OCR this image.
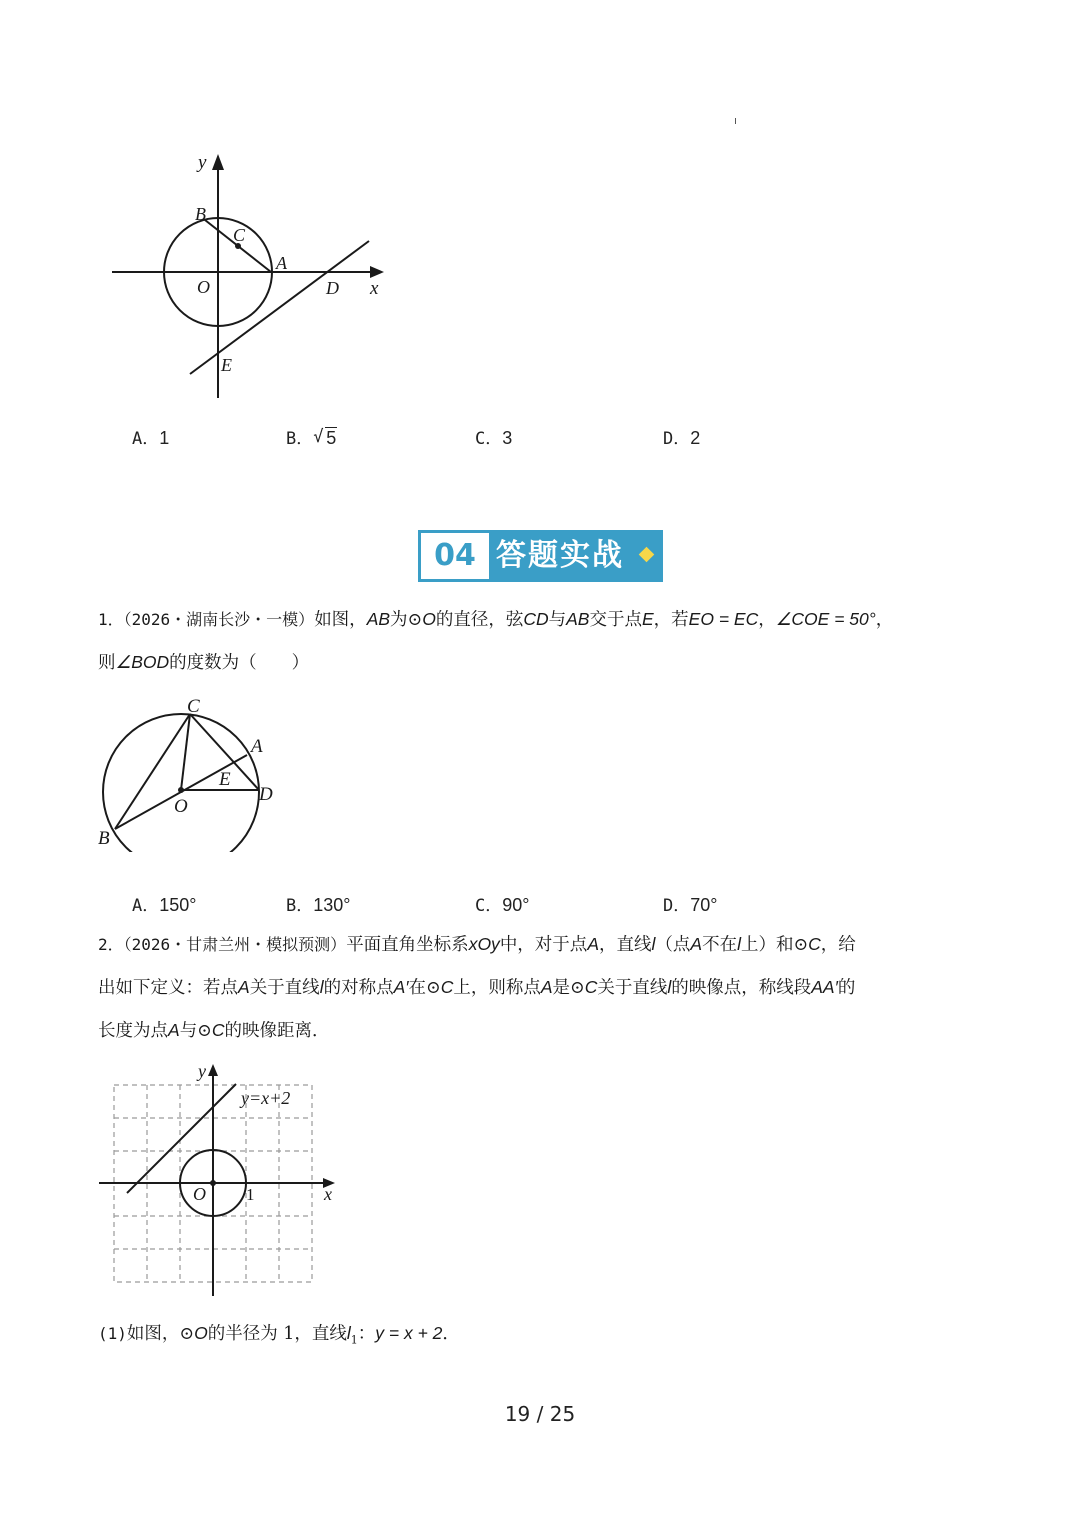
y
x
B
C
A
O	D
E
A．1	B．√ 5	C．3	D．2
04 答题实战
1．（2026・湖南长沙・一模）如图，AB为⊙O的直径，弦CD与AB交于点E，若EO = EC，∠COE = 50°，
则∠BOD的度数为（　　）
C
A
E
O
D
B
A．150°	B．130°	C．90°	D．70°
2．（2026・甘肃兰州・模拟预测）平面直角坐标系xOy中，对于点A，直线l（点A不在l上）和⊙C，给
出如下定义：若点A关于直线l的对称点A′在⊙C上，则称点A是⊙C关于直线l的映像点，称线段AA′的
长度为点A与⊙C的映像距离．
y
x
O 1
y=x+2
(1)如图，⊙O的半径为 1，直线$l_1$：y = x + 2．
19 / 25
